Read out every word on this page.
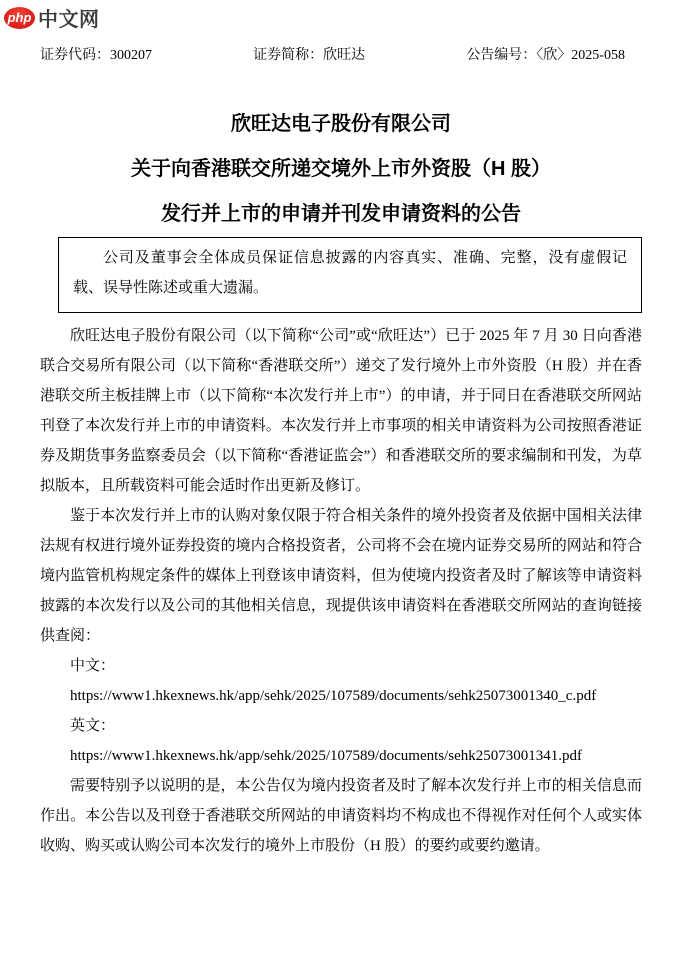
php 中文网
证券代码：300207	证券简称：欣旺达	公告编号：〈欣〉2025-058
欣旺达电子股份有限公司
关于向香港联交所递交境外上市外资股（H 股）
发行并上市的申请并刊发申请资料的公告
公司及董事会全体成员保证信息披露的内容真实、准确、完整，没有虚假记载、误导性陈述或重大遗漏。
欣旺达电子股份有限公司（以下简称“公司”或“欣旺达”）已于 2025 年 7 月 30 日向香港联合交易所有限公司（以下简称“香港联交所”）递交了发行境外上市外资股（H 股）并在香港联交所主板挂牌上市（以下简称“本次发行并上市”）的申请，并于同日在香港联交所网站刊登了本次发行并上市的申请资料。本次发行并上市事项的相关申请资料为公司按照香港证券及期货事务监察委员会（以下简称“香港证监会”）和香港联交所的要求编制和刊发，为草拟版本，且所载资料可能会适时作出更新及修订。
鉴于本次发行并上市的认购对象仅限于符合相关条件的境外投资者及依据中国相关法律法规有权进行境外证券投资的境内合格投资者，公司将不会在境内证券交易所的网站和符合境内监管机构规定条件的媒体上刊登该申请资料，但为使境内投资者及时了解该等申请资料披露的本次发行以及公司的其他相关信息，现提供该申请资料在香港联交所网站的查询链接供查阅：
中文：
https://www1.hkexnews.hk/app/sehk/2025/107589/documents/sehk25073001340_c.pdf
英文：
https://www1.hkexnews.hk/app/sehk/2025/107589/documents/sehk25073001341.pdf
需要特别予以说明的是，本公告仅为境内投资者及时了解本次发行并上市的相关信息而作出。本公告以及刊登于香港联交所网站的申请资料均不构成也不得视作对任何个人或实体收购、购买或认购公司本次发行的境外上市股份（H 股）的要约或要约邀请。
